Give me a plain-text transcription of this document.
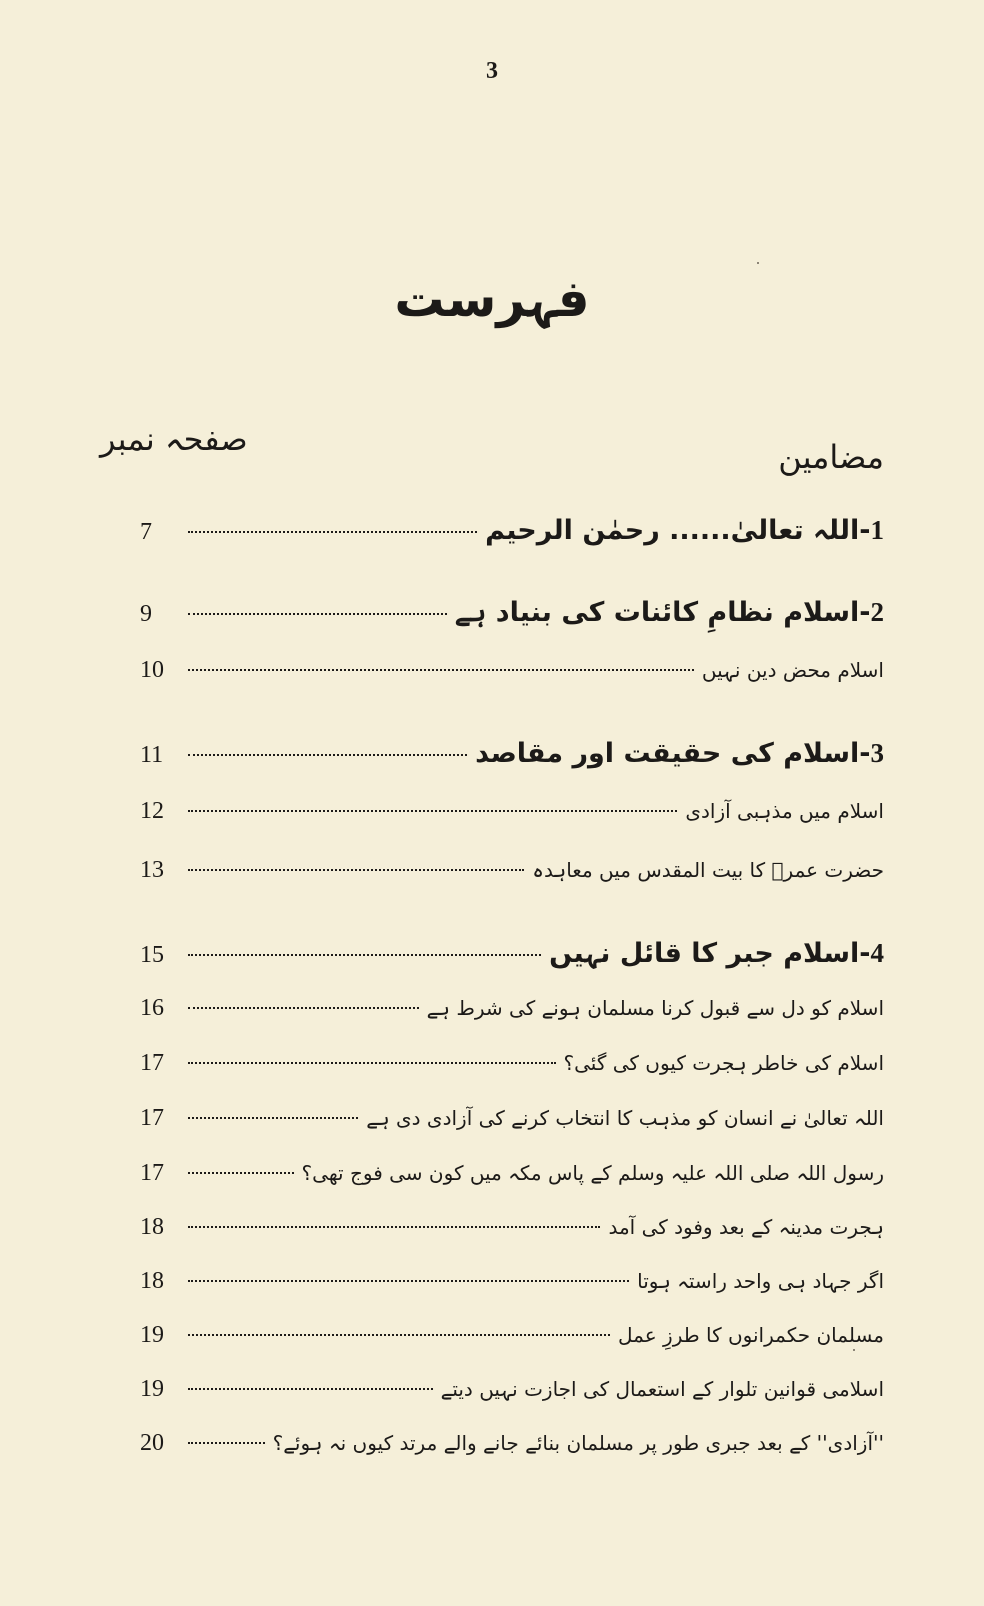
3
فہرست
صفحہ نمبر	مضامین
1-اللہ تعالیٰ...... رحمٰن الرحیم
7
2-اسلام نظامِ کائنات کی بنیاد ہے
9
اسلام محض دین نہیں
10
3-اسلام کی حقیقت اور مقاصد
11
اسلام میں مذہبی آزادی
12
حضرت عمرؓ کا بیت المقدس میں معاہدہ
13
4-اسلام جبر کا قائل نہیں
15
اسلام کو دل سے قبول کرنا مسلمان ہونے کی شرط ہے
16
اسلام کی خاطر ہجرت کیوں کی گئی؟
17
اللہ تعالیٰ نے انسان کو مذہب کا انتخاب کرنے کی آزادی دی ہے
17
رسول اللہ صلی اللہ علیہ وسلم کے پاس مکہ میں کون سی فوج تھی؟
17
ہجرت مدینہ کے بعد وفود کی آمد
18
اگر جہاد ہی واحد راستہ ہوتا
18
مسلمان حکمرانوں کا طرزِ عمل
19
اسلامی قوانین تلوار کے استعمال کی اجازت نہیں دیتے
19
''آزادی'' کے بعد جبری طور پر مسلمان بنائے جانے والے مرتد کیوں نہ ہوئے؟
20
